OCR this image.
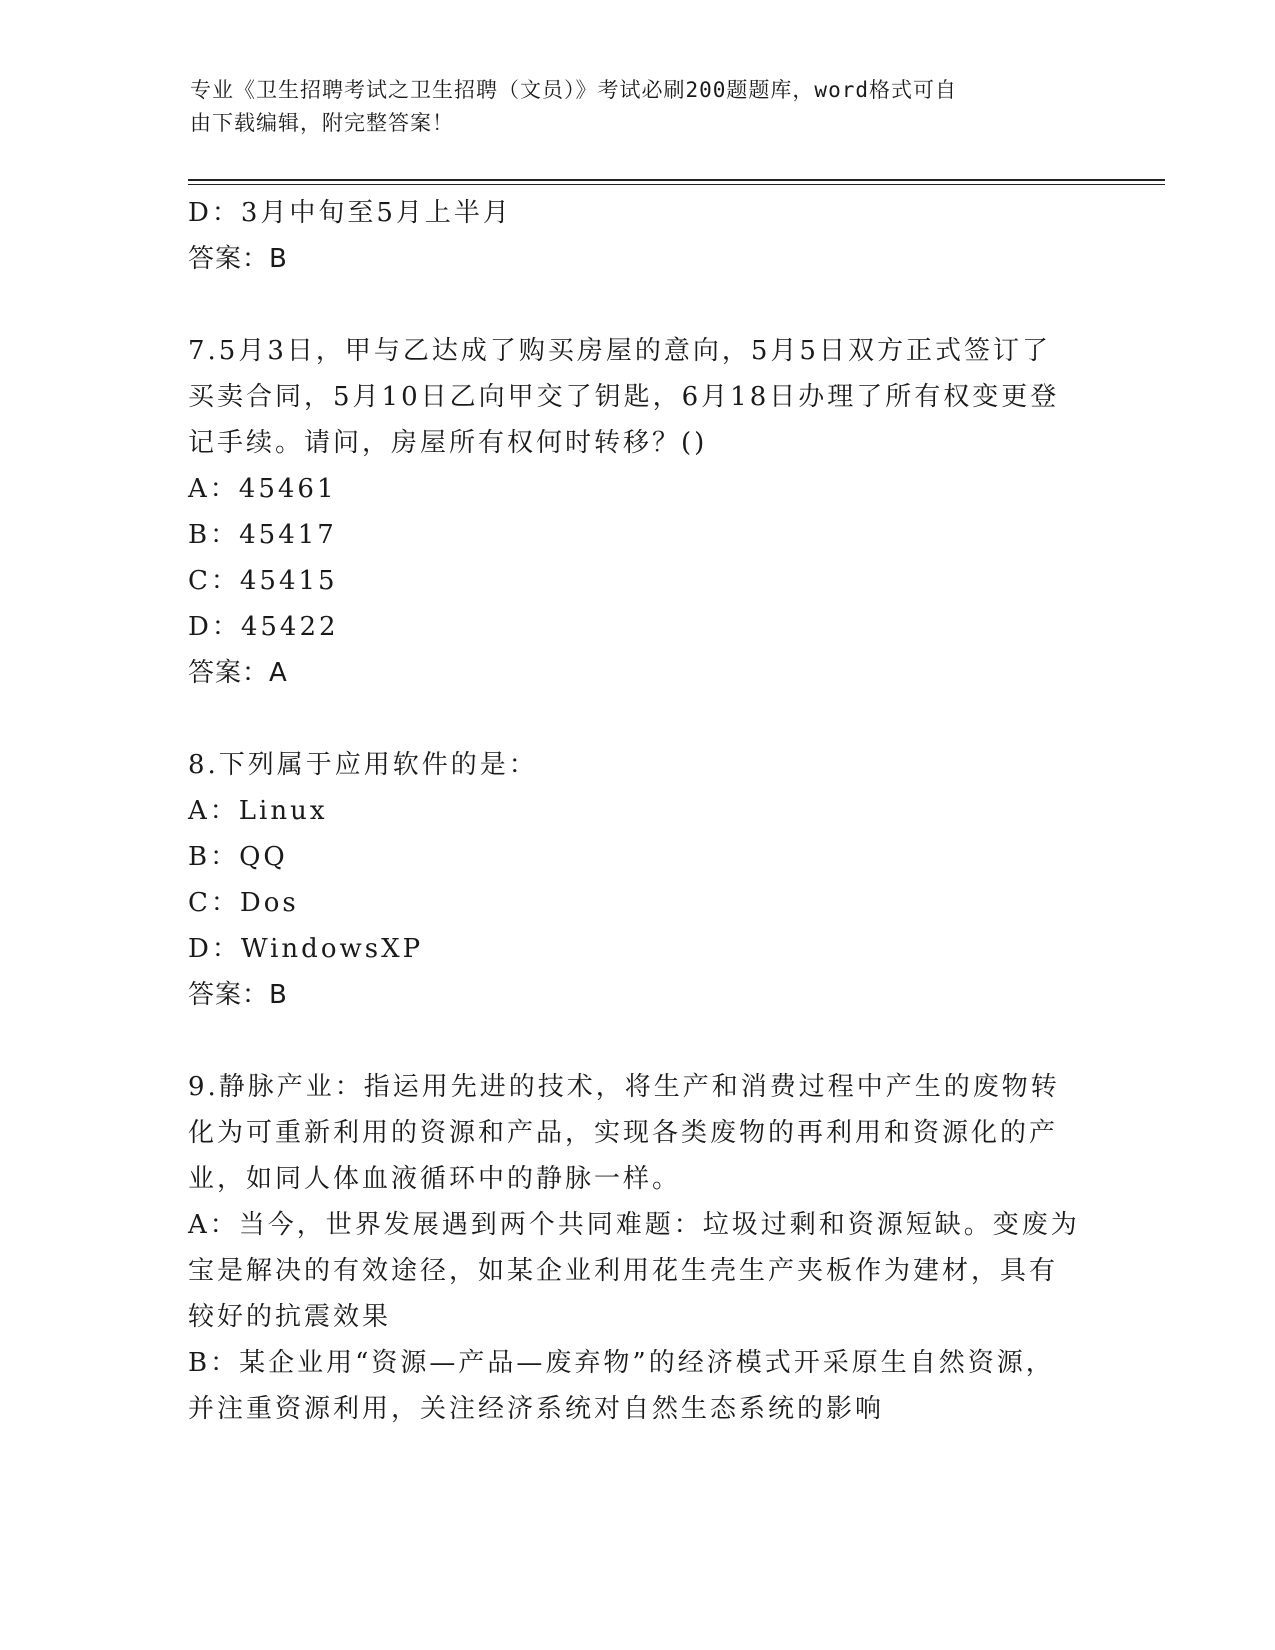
专业《卫生招聘考试之卫生招聘（文员）》考试必刷200题题库，word格式可自
由下载编辑，附完整答案！
D：3月中旬至5月上半月
答案：B
7.5月3日，甲与乙达成了购买房屋的意向，5月5日双方正式签订了
买卖合同，5月10日乙向甲交了钥匙，6月18日办理了所有权变更登
记手续。请问，房屋所有权何时转移？()
A：45461
B：45417
C：45415
D：45422
答案：A
8.下列属于应用软件的是：
A：Linux
B：QQ
C：Dos
D：WindowsXP
答案：B
9.静脉产业：指运用先进的技术，将生产和消费过程中产生的废物转
化为可重新利用的资源和产品，实现各类废物的再利用和资源化的产
业，如同人体血液循环中的静脉一样。
A：当今，世界发展遇到两个共同难题：垃圾过剩和资源短缺。变废为
宝是解决的有效途径，如某企业利用花生壳生产夹板作为建材，具有
较好的抗震效果
B：某企业用“资源—产品—废弃物”的经济模式开采原生自然资源，
并注重资源利用，关注经济系统对自然生态系统的影响
